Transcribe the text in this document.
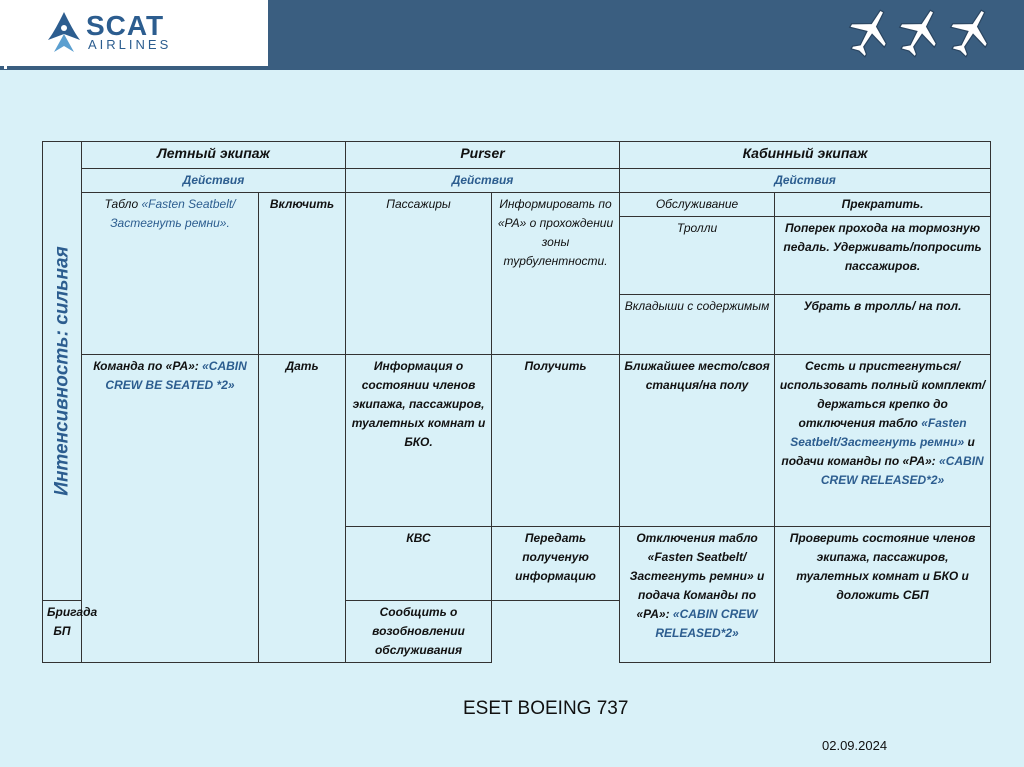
SCAT
AIRLINES

Интенсивность: сильная	Летный экипаж		Purser		Кабинный экипаж	
	Действия		Действия		Действия	
	Табло «Fasten Seatbelt/Застегнуть ремни».	Включить	Пассажиры	Информировать по «PA» о прохождении зоны турбулентности.	Обслуживание	Прекратить.
					Тролли	Поперек прохода на тормозную педаль. Удерживать/попросить пассажиров.
					Вкладыши с содержимым	Убрать в тролль/ на пол.
	Команда по «PA»: «CABIN CREW BE SEATED *2»	Дать	Информация о состоянии членов экипажа, пассажиров, туалетных комнат и БКО.	Получить	Ближайшее место/своя станция/на полу	Сесть и пристегнуться/использовать полный комплект/держаться крепко до отключения табло «Fasten Seatbelt/Застегнуть ремни» и подачи команды по «PA»: «CABIN CREW RELEASED*2»
			КВС	Передать полученую информацию	Отключения табло «Fasten Seatbelt/Застегнуть ремни» и подача Команды по «PA»: «CABIN CREW RELEASED*2»	Проверить состояние членов экипажа, пассажиров, туалетных комнат и БКО и доложить СБП
Бригада БП			Сообщить о возобновлении обслуживания			
ESET BOEING 737
02.09.2024
